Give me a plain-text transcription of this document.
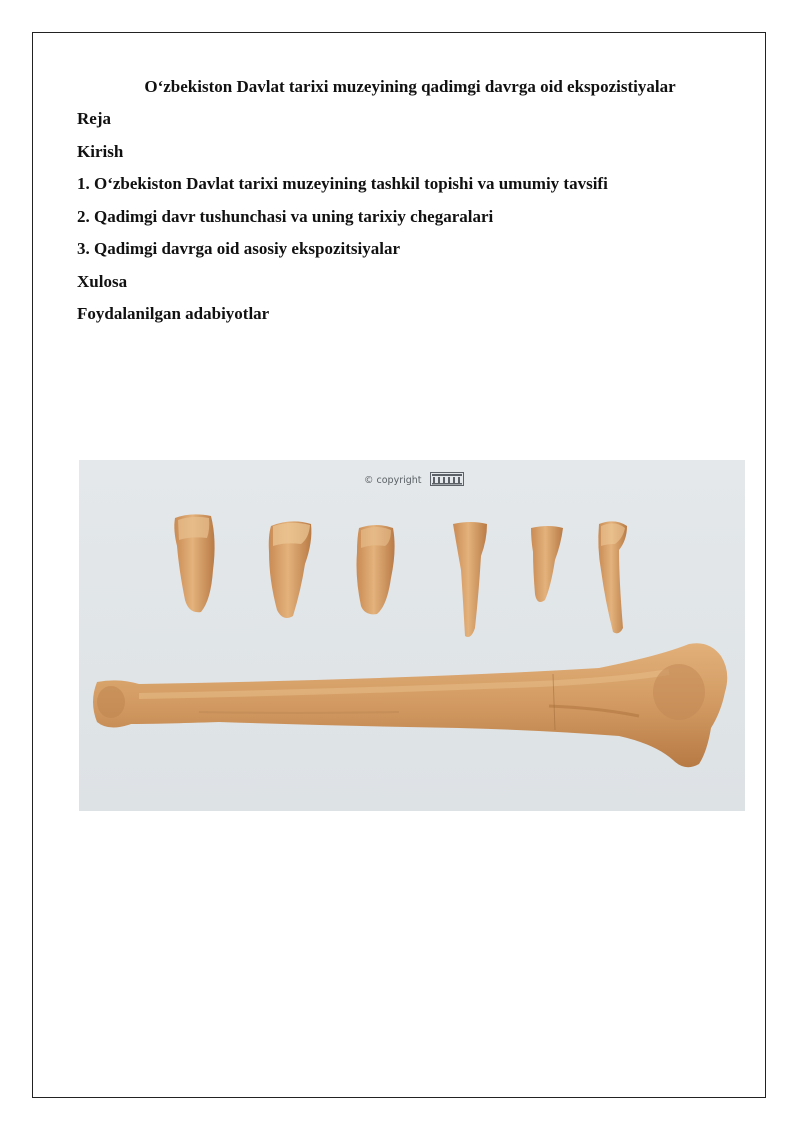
O‘zbekiston Davlat tarixi muzeyining qadimgi davrga oid ekspozistiyalar
Reja
Kirish
1. O‘zbekiston Davlat tarixi muzeyining tashkil topishi va umumiy tavsifi
2. Qadimgi davr tushunchasi va uning tarixiy chegaralari
3. Qadimgi davrga oid asosiy ekspozitsiyalar
Xulosa
Foydalanilgan adabiyotlar
© copyright
